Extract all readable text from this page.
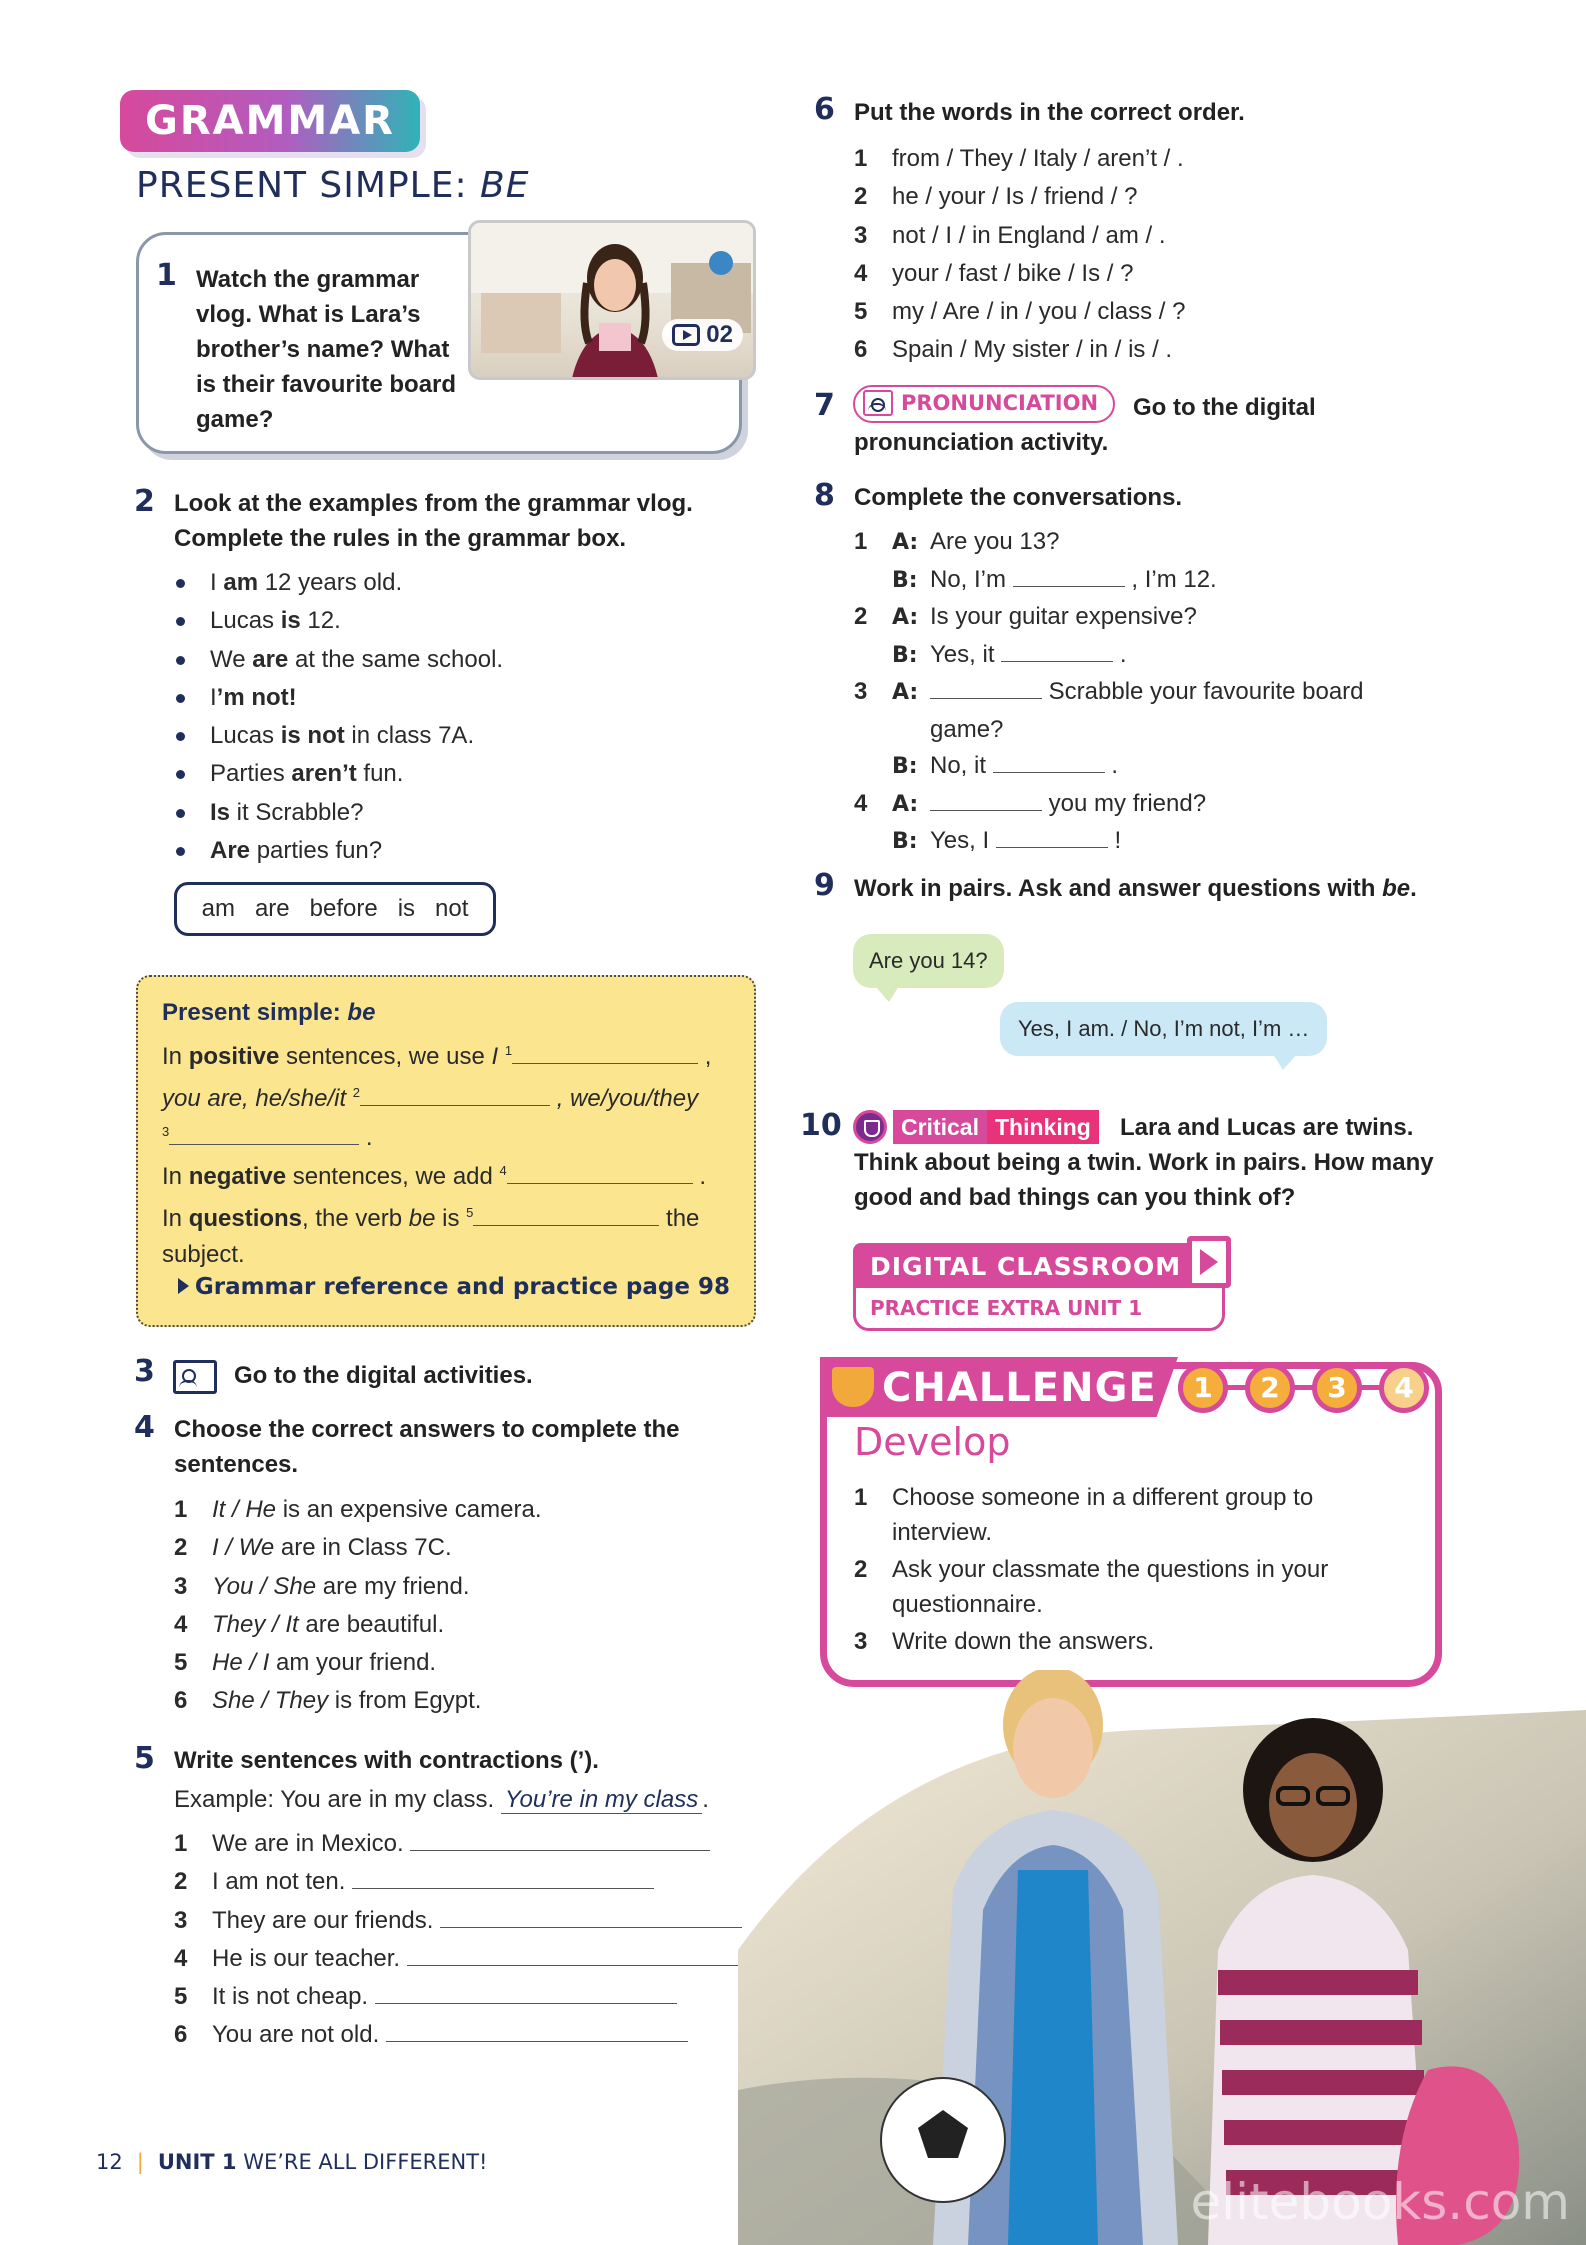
GRAMMAR
PRESENT SIMPLE: BE
1 Watch the grammar vlog. What is Lara’s brother’s name? What is their favourite board game?
02
2 Look at the examples from the grammar vlog. Complete the rules in the grammar box.
I am 12 years old.
Lucas is 12.
We are at the same school.
I’m not!
Lucas is not in class 7A.
Parties aren’t fun.
Is it Scrabble?
Are parties fun?
am are before is not
Present simple: be
In positive sentences, we use I $^1$	,
you are, he/she/it $^2$	, we/you/they
$^3$	.
In negative sentences, we add $^4$	.
In questions, the verb be is $^5$	the
subject.
Grammar reference and practice page 98
3	Go to the digital activities.
4 Choose the correct answers to complete the sentences.
1 It / He is an expensive camera.
2 I / We are in Class 7C.
3 You / She are my friend.
4 They / It are beautiful.
5 He / I am your friend.
6 She / They is from Egypt.
5 Write sentences with contractions (’).
Example: You are in my class. You’re in my class .
1 We are in Mexico.
2 I am not ten.
3 They are our friends.
4 He is our teacher.
5 It is not cheap.
6 You are not old.
6 Put the words in the correct order.
1 from / They / Italy / aren’t / .
2 he / your / Is / friend / ?
3 not / I / in England / am / .
4 your / fast / bike / Is / ?
5 my / Are / in / you / class / ?
6 Spain / My sister / in / is / .
7	PRONUNCIATION	Go to the digital
pronunciation activity.
8 Complete the conversations.
1 A: Are you 13?
B: No, I’m	, I’m 12.
2 A: Is your guitar expensive?
B: Yes, it	.
3 A:	Scrabble your favourite board
game?
B: No, it	.
4 A:	you my friend?
B: Yes, I	!
9 Work in pairs. Ask and answer questions with be.
Are you 14?
Yes, I am. / No, I’m not, I’m …
10	Critical Thinking	Lara and Lucas are twins.
Think about being a twin. Work in pairs. How many
good and bad things can you think of?
DIGITAL CLASSROOM
PRACTICE EXTRA UNIT 1
CHALLENGE	1	2	3	4
Develop
1 Choose someone in a different group to
interview.
2 Ask your classmate the questions in your
questionnaire.
3 Write down the answers.
elitebooks.com
12 | UNIT 1 WE’RE ALL DIFFERENT!
